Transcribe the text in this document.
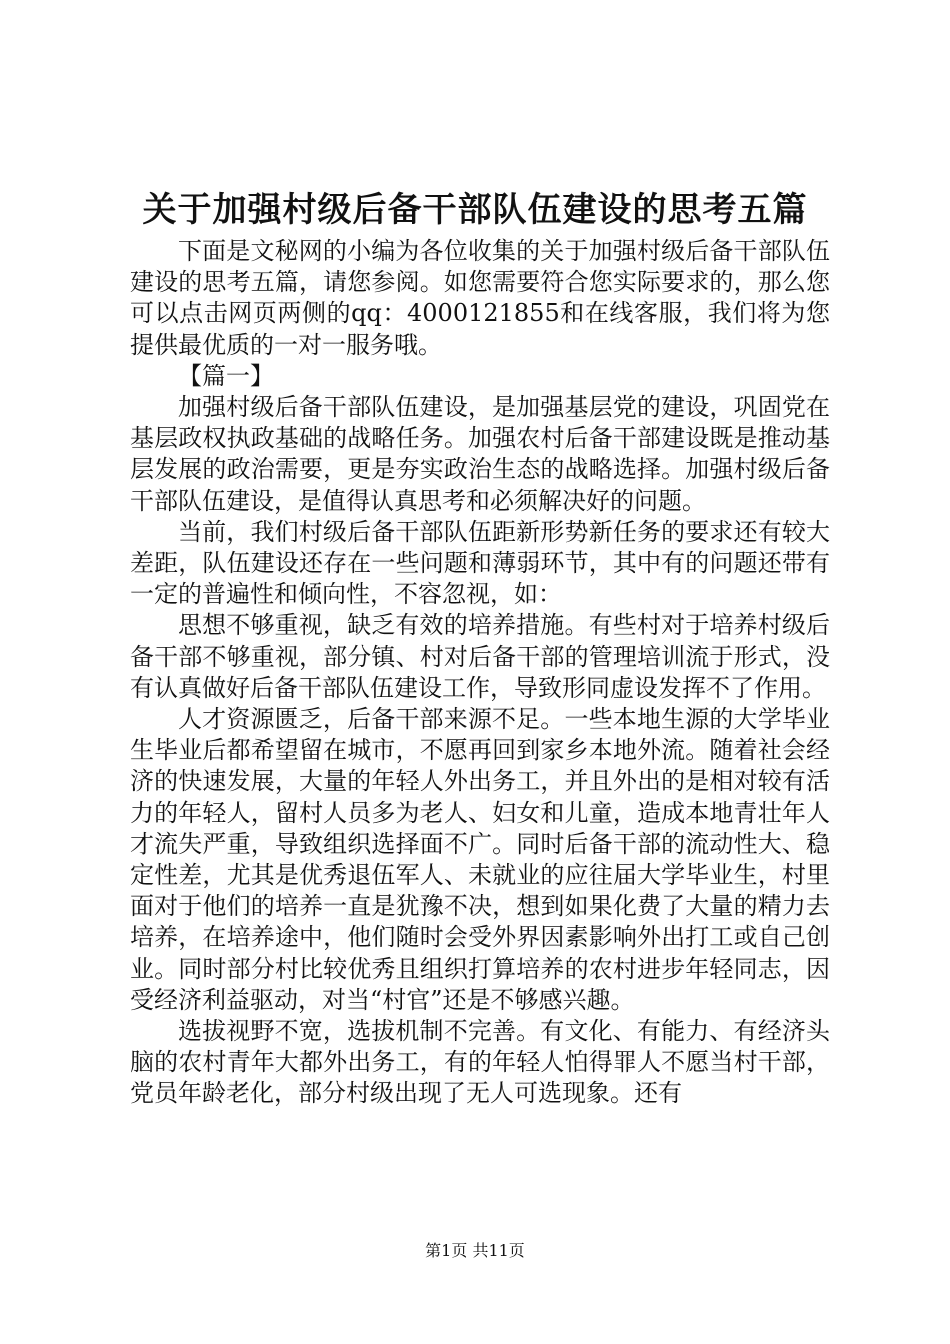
关于加强村级后备干部队伍建设的思考五篇

下面是文秘网的小编为各位收集的关于加强村级后备干部队伍建设的思考五篇，请您参阅。如您需要符合您实际要求的，那么您可以点击网页两侧的qq：4000121855和在线客服，我们将为您提供最优质的一对一服务哦。

【篇一】

加强村级后备干部队伍建设，是加强基层党的建设，巩固党在基层政权执政基础的战略任务。加强农村后备干部建设既是推动基层发展的政治需要，更是夯实政治生态的战略选择。加强村级后备干部队伍建设，是值得认真思考和必须解决好的问题。

当前，我们村级后备干部队伍距新形势新任务的要求还有较大差距，队伍建设还存在一些问题和薄弱环节，其中有的问题还带有一定的普遍性和倾向性，不容忽视，如：

思想不够重视，缺乏有效的培养措施。有些村对于培养村级后备干部不够重视，部分镇、村对后备干部的管理培训流于形式，没有认真做好后备干部队伍建设工作，导致形同虚设发挥不了作用。

人才资源匮乏，后备干部来源不足。一些本地生源的大学毕业生毕业后都希望留在城市，不愿再回到家乡本地外流。随着社会经济的快速发展，大量的年轻人外出务工，并且外出的是相对较有活力的年轻人，留村人员多为老人、妇女和儿童，造成本地青壮年人才流失严重，导致组织选择面不广。同时后备干部的流动性大、稳定性差，尤其是优秀退伍军人、未就业的应往届大学毕业生，村里面对于他们的培养一直是犹豫不决，想到如果化费了大量的精力去培养，在培养途中，他们随时会受外界因素影响外出打工或自己创业。同时部分村比较优秀且组织打算培养的农村进步年轻同志，因受经济利益驱动，对当“村官”还是不够感兴趣。

选拔视野不宽，选拔机制不完善。有文化、有能力、有经济头脑的农村青年大都外出务工，有的年轻人怕得罪人不愿当村干部，党员年龄老化，部分村级出现了无人可选现象。还有

第1页 共11页
